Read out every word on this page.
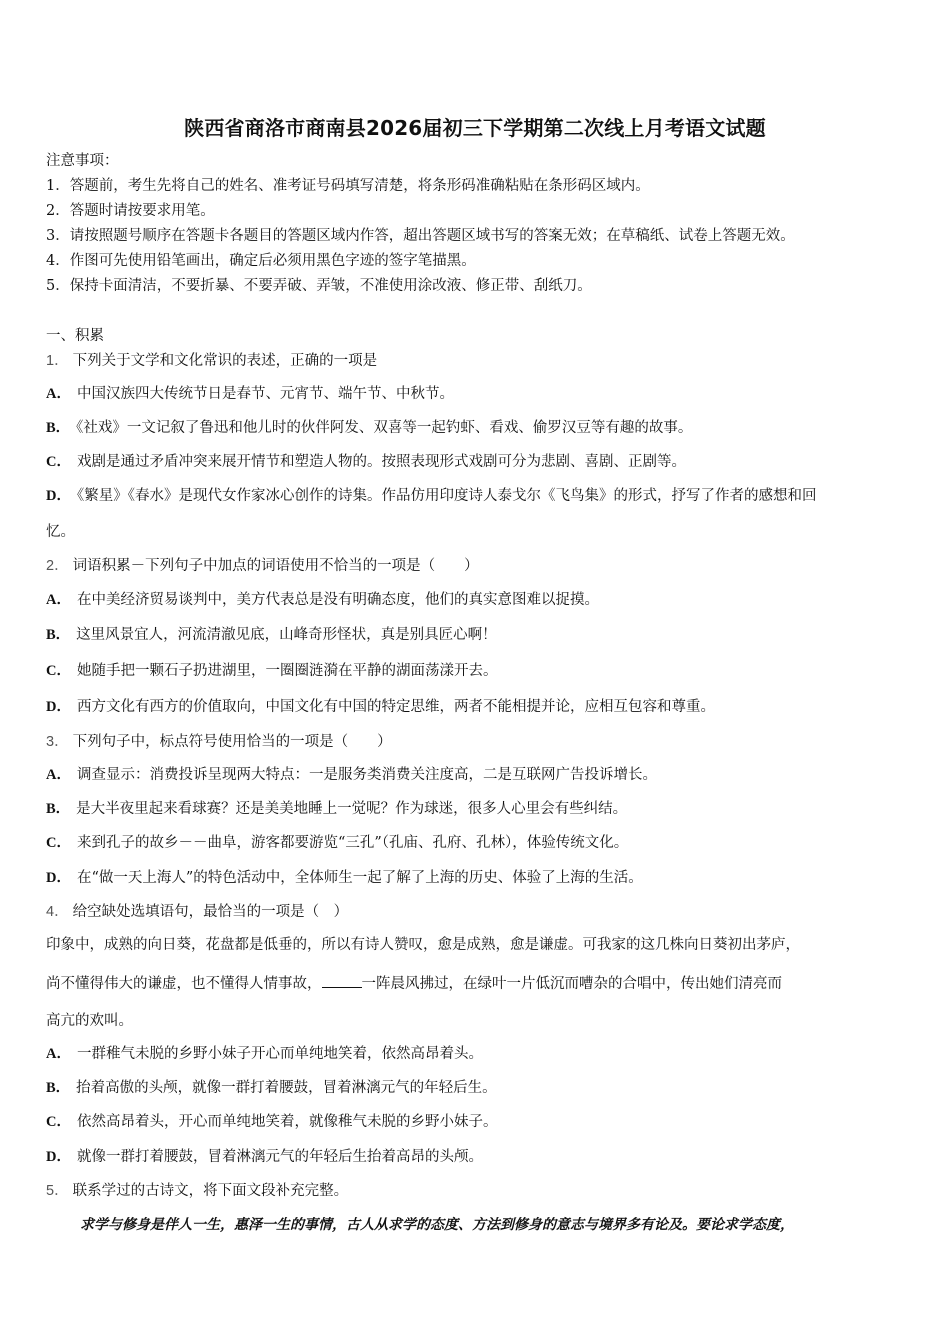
陕西省商洛市商南县2026届初三下学期第二次线上月考语文试题
注意事项：
1．答题前，考生先将自己的姓名、准考证号码填写清楚，将条形码准确粘贴在条形码区域内。
2．答题时请按要求用笔。
3．请按照题号顺序在答题卡各题目的答题区域内作答，超出答题区域书写的答案无效；在草稿纸、试卷上答题无效。
4．作图可先使用铅笔画出，确定后必须用黑色字迹的签字笔描黑。
5．保持卡面清洁，不要折暴、不要弄破、弄皱，不准使用涂改液、修正带、刮纸刀。
一、积累
1． 下列关于文学和文化常识的表述，正确的一项是
A． 中国汉族四大传统节日是春节、元宵节、端午节、中秋节。
B． 《社戏》一文记叙了鲁迅和他儿时的伙伴阿发、双喜等一起钓虾、看戏、偷罗汉豆等有趣的故事。
C． 戏剧是通过矛盾冲突来展开情节和塑造人物的。按照表现形式戏剧可分为悲剧、喜剧、正剧等。
D． 《繁星》《春水》是现代女作家冰心创作的诗集。作品仿用印度诗人泰戈尔《飞鸟集》的形式，抒写了作者的感想和回
忆。
2． 词语积累－下列句子中加点的词语使用不恰当的一项是（　　）
A． 在中美经济贸易谈判中，美方代表总是没有明确态度，他们的真实意图难以捉摸。
B． 这里风景宜人，河流清澈见底，山峰奇形怪状，真是别具匠心啊！
C． 她随手把一颗石子扔进湖里，一圈圈涟漪在平静的湖面荡漾开去。
D． 西方文化有西方的价值取向，中国文化有中国的特定思维，两者不能相提并论，应相互包容和尊重。
3． 下列句子中，标点符号使用恰当的一项是（　　）
A． 调查显示：消费投诉呈现两大特点：一是服务类消费关注度高，二是互联网广告投诉增长。
B． 是大半夜里起来看球赛？还是美美地睡上一觉呢？作为球迷，很多人心里会有些纠结。
C． 来到孔子的故乡－－曲阜，游客都要游览“三孔”（孔庙、孔府、孔林），体验传统文化。
D． 在“做一天上海人”的特色活动中，全体师生一起了解了上海的历史、体验了上海的生活。
4． 给空缺处选填语句，最恰当的一项是（　）
印象中，成熟的向日葵，花盘都是低垂的，所以有诗人赞叹，愈是成熟，愈是谦虚。可我家的这几株向日葵初出茅庐，
尚不懂得伟大的谦虚，也不懂得人情事故，	一阵晨风拂过，在绿叶一片低沉而嘈杂的合唱中，传出她们清亮而
高亢的欢叫。
A． 一群稚气未脱的乡野小妹子开心而单纯地笑着，依然高昂着头。
B． 抬着高傲的头颅，就像一群打着腰鼓，冒着淋漓元气的年轻后生。
C． 依然高昂着头，开心而单纯地笑着，就像稚气未脱的乡野小妹子。
D． 就像一群打着腰鼓，冒着淋漓元气的年轻后生抬着高昂的头颅。
5． 联系学过的古诗文，将下面文段补充完整。
求学与修身是伴人一生，惠泽一生的事情，古人从求学的态度、方法到修身的意志与境界多有论及。要论求学态度，
